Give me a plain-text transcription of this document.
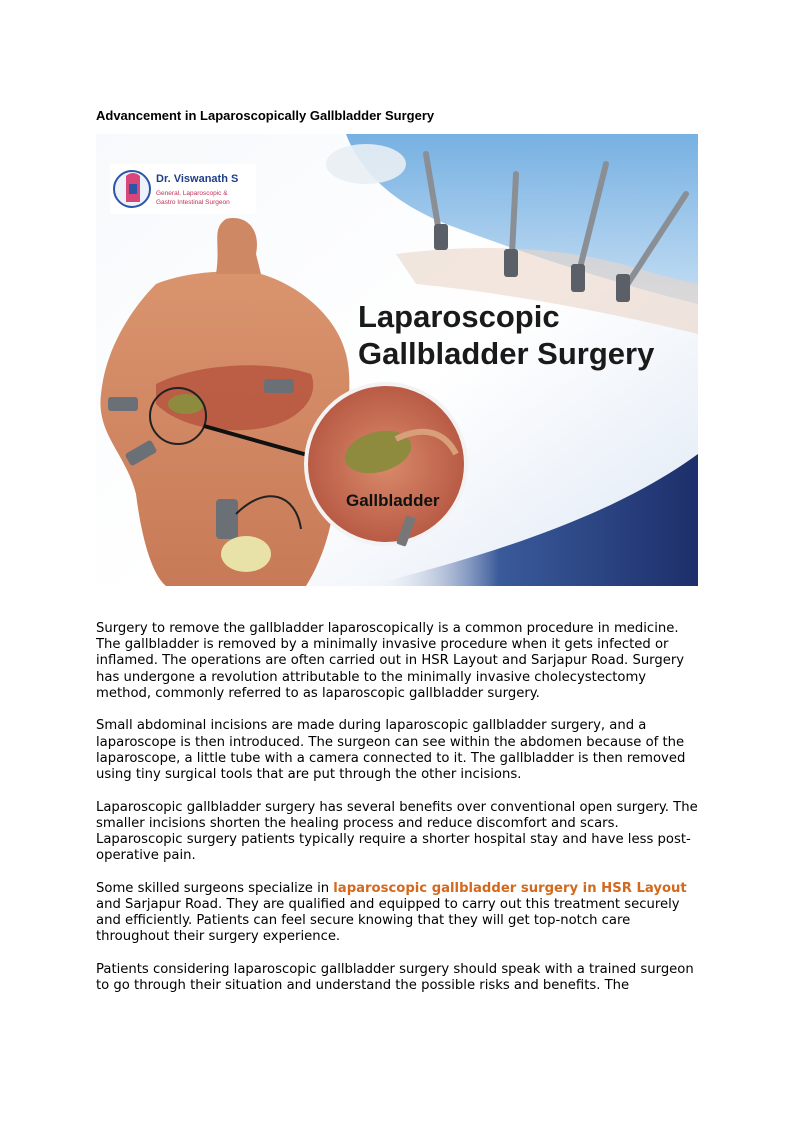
Advancement in Laparoscopically Gallbladder Surgery
Gallbladder
Laparoscopic
Gallbladder Surgery
Dr. Viswanath S
General, Laparoscopic &
Gastro Intestinal Surgeon

Surgery to remove the gallbladder laparoscopically is a common procedure in medicine. The gallbladder is removed by a minimally invasive procedure when it gets infected or inflamed. The operations are often carried out in HSR Layout and Sarjapur Road. Surgery has undergone a revolution attributable to the minimally invasive cholecystectomy method, commonly referred to as laparoscopic gallbladder surgery.

Small abdominal incisions are made during laparoscopic gallbladder surgery, and a laparoscope is then introduced. The surgeon can see within the abdomen because of the laparoscope, a little tube with a camera connected to it. The gallbladder is then removed using tiny surgical tools that are put through the other incisions.

Laparoscopic gallbladder surgery has several benefits over conventional open surgery. The smaller incisions shorten the healing process and reduce discomfort and scars. Laparoscopic surgery patients typically require a shorter hospital stay and have less post-operative pain.

Some skilled surgeons specialize in laparoscopic gallbladder surgery in HSR Layout and Sarjapur Road. They are qualified and equipped to carry out this treatment securely and efficiently. Patients can feel secure knowing that they will get top-notch care throughout their surgery experience.

Patients considering laparoscopic gallbladder surgery should speak with a trained surgeon to go through their situation and understand the possible risks and benefits. The
